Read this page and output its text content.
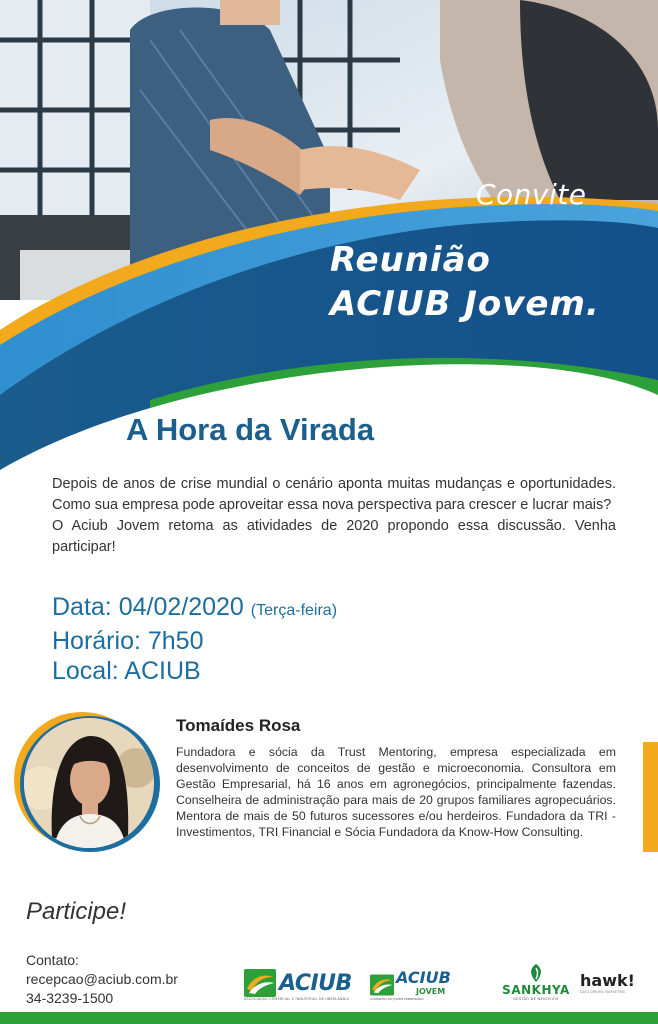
Convite
Reunião
ACIUB Jovem.
A Hora da Virada

Depois de anos de crise mundial o cenário aponta muitas mudanças e oportunidades. Como sua empresa pode aproveitar essa nova perspectiva para crescer e lucrar mais?

O Aciub Jovem retoma as atividades de 2020 propondo essa discussão. Venha participar!

Data: 04/02/2020 (Terça-feira)
Horário: 7h50
Local: ACIUB
Tomaídes Rosa

Fundadora e sócia da Trust Mentoring, empresa especializada em desenvolvimento de conceitos de gestão e microeconomia. Consultora em Gestão Empresarial, há 16 anos em agronegócios, principalmente fazendas. Conselheira de administração para mais de 20 grupos familiares agropecuários. Mentora de mais de 50 futuros sucessores e/ou herdeiros. Fundadora da TRI - Investimentos, TRI Financial e Sócia Fundadora da Know-How Consulting.

Participe!
Contato:
recepcao@aciub.com.br
34-3239-1500
ACIUB
ASSOCIAÇÃO COMERCIAL E INDUSTRIAL DE UBERLÂNDIA
ACIUB
JOVEM
CONSELHO DO JOVEM EMPRESÁRIO
SANKHYA
GESTÃO DE NEGÓCIOS
hawk!
DATA DRIVEN MARKETING
